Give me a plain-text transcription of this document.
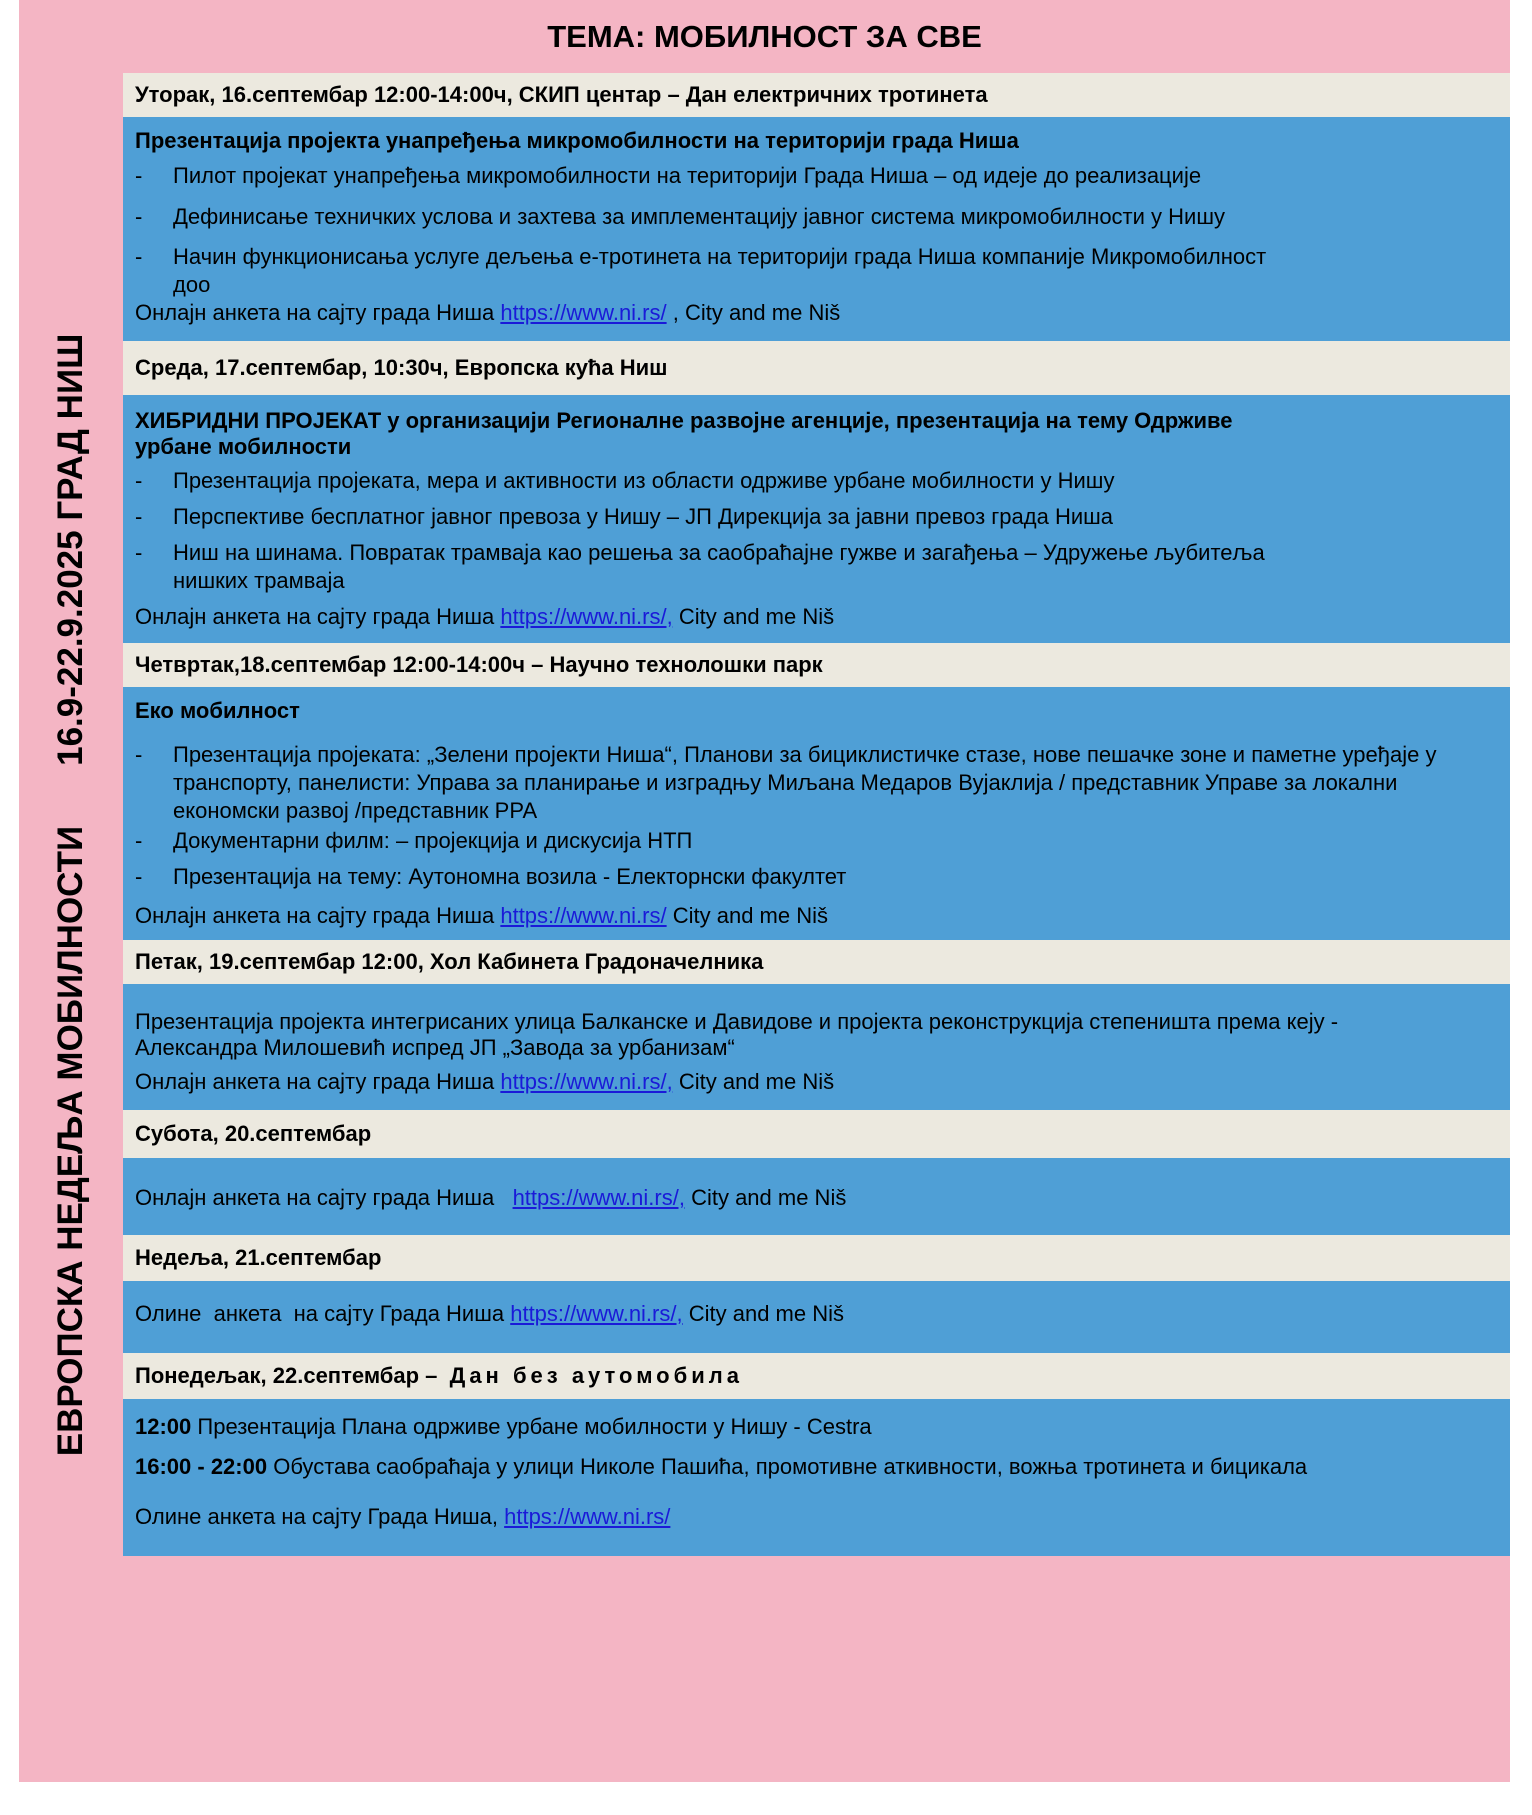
ТЕМА: МОБИЛНОСТ ЗА СВЕ
ЕВРОПСКА НЕДЕЉА МОБИЛНОСТИ16.9-22.9.2025 ГРАД НИШ
Уторак, 16.септембар 12:00-14:00ч, СКИП центар – Дан електричних тротинета
Презентација пројекта унапређења микромобилности на територији града Ниша
- Пилот пројекат унапређења микромобилности на територији Града Ниша – од идеје до реализације
- Дефинисање техничких услова и захтева за имплементацију јавног система микромобилности у Нишу
- Начин функционисања услуге дељења е-тротинета на територији града Ниша компаније Микромобилност доо
Онлајн анкета на сајту града Ниша https://www.ni.rs/ , City and me Niš
Среда, 17.септембар, 10:30ч, Европска кућа Ниш
ХИБРИДНИ ПРОЈЕКАТ у организацији Регионалне развојне агенције, презентација на тему Одрживе
урбане мобилности
- Презентација пројеката, мера и активности из области одрживе урбане мобилности у Нишу
- Перспективе бесплатног јавног превоза у Нишу – ЈП Дирекција за јавни превоз града Ниша
- Ниш на шинама. Повратак трамваја као решења за саобраћајне гужве и загађења – Удружење љубитеља нишких трамваја
Онлајн анкета на сајту града Ниша https://www.ni.rs/, City and me Niš
Четвртак,18.септембар 12:00-14:00ч – Научно технолошки парк
Еко мобилност
- Презентација пројеката: „Зелени пројекти Ниша“, Планови за бициклистичке стазе, нове пешачке зоне и паметне уређаје у транспорту, панелисти: Управа за планирање и изградњу Миљана Медаров Вујаклија / представник Управе за локални економски развој /представник РРА
- Документарни филм: – пројекција и дискусија НТП
- Презентација на тему: Аутономна возила - Електорнски факултет
Онлајн анкета на сајту града Ниша https://www.ni.rs/ City and me Niš
Петак, 19.септембар 12:00, Хол Кабинета Градоначелника
Презентација пројекта интегрисаних улица Балканске и Давидове и пројекта реконструкција степеништа према кеју -
Александра Милошевић испред ЈП „Завода за урбанизам“
Онлајн анкета на сајту града Ниша https://www.ni.rs/, City and me Niš
Субота, 20.септембар
Онлајн анкета на сајту града Ниша   https://www.ni.rs/, City and me Niš
Недеља, 21.септембар
Олине  анкета  на сајту Града Ниша https://www.ni.rs/, City and me Niš
Понедељак, 22.септембар – Дан без аутомобила
12:00 Презентација Плана одрживе урбане мобилности у Нишу - Cestra
16:00 - 22:00 Обустава саобраћаја у улици Николе Пашића, промотивне аткивности, вожња тротинета и бицикала
Олине анкета на сајту Града Ниша, https://www.ni.rs/
